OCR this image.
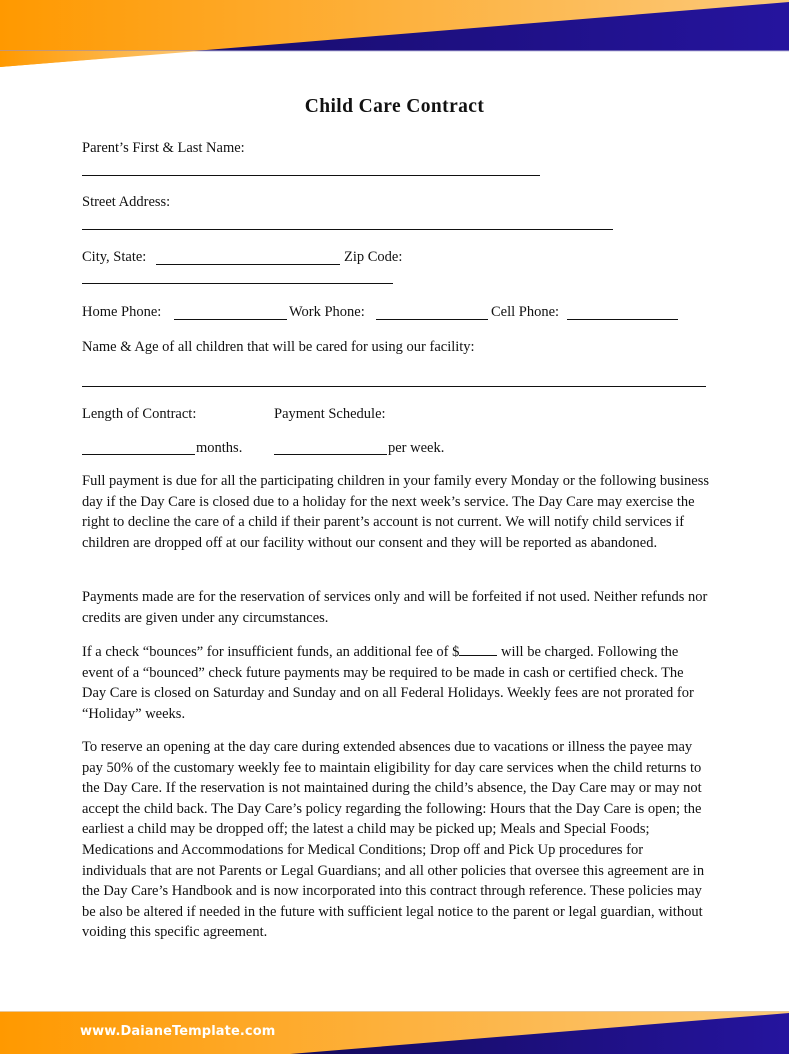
Child Care Contract
Parent’s First & Last Name:
Street Address:
City, State:	Zip Code:
Home Phone:	Work Phone:	Cell Phone:
Name & Age of all children that will be cared for using our facility:
Length of Contract:	Payment Schedule:
months.	per week.
Full payment is due for all the participating children in your family every Monday or the following business day if the Day Care is closed due to a holiday for the next week’s service. The Day Care may exercise the right to decline the care of a child if their parent’s account is not current. We will notify child services if children are dropped off at our facility without our consent and they will be reported as abandoned.
Payments made are for the reservation of services only and will be forfeited if not used. Neither refunds nor credits are given under any circumstances.
If a check “bounces” for insufficient funds, an additional fee of $	will be charged. Following the event of a “bounced” check future payments may be required to be made in cash or certified check. The Day Care is closed on Saturday and Sunday and on all Federal Holidays. Weekly fees are not prorated for “Holiday” weeks.
To reserve an opening at the day care during extended absences due to vacations or illness the payee may pay 50% of the customary weekly fee to maintain eligibility for day care services when the child returns to the Day Care. If the reservation is not maintained during the child’s absence, the Day Care may or may not accept the child back. The Day Care’s policy regarding the following: Hours that the Day Care is open; the earliest a child may be dropped off; the latest a child may be picked up; Meals and Special Foods; Medications and Accommodations for Medical Conditions; Drop off and Pick Up procedures for individuals that are not Parents or Legal Guardians; and all other policies that oversee this agreement are in the Day Care’s Handbook and is now incorporated into this contract through reference. These policies may be also be altered if needed in the future with sufficient legal notice to the parent or legal guardian, without voiding this specific agreement.
www.DaianeTemplate.com
